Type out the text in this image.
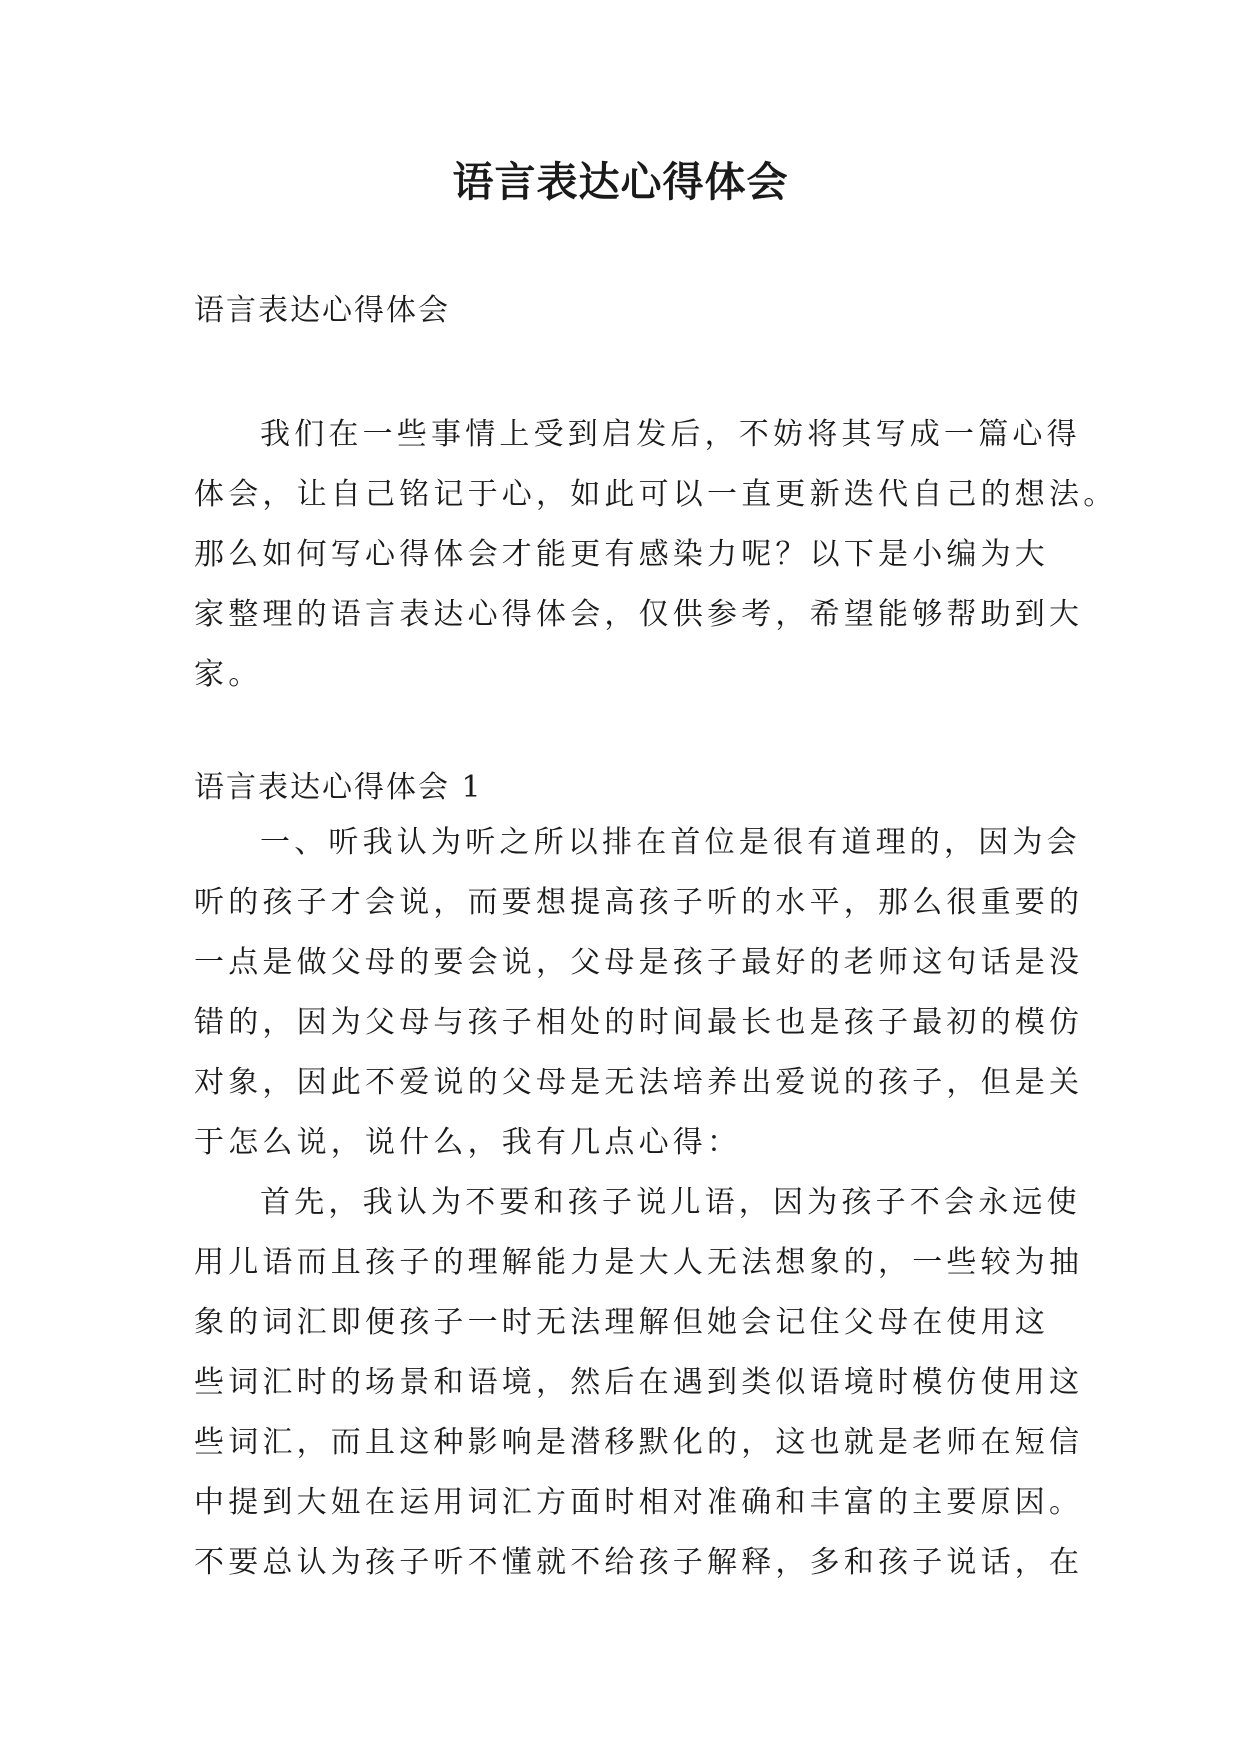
语言表达心得体会

语言表达心得体会

我们在一些事情上受到启发后，不妨将其写成一篇心得
体会，让自己铭记于心，如此可以一直更新迭代自己的想法。
那么如何写心得体会才能更有感染力呢？以下是小编为大
家整理的语言表达心得体会，仅供参考，希望能够帮助到大
家。

语言表达心得体会 1

一、听我认为听之所以排在首位是很有道理的，因为会
听的孩子才会说，而要想提高孩子听的水平，那么很重要的
一点是做父母的要会说，父母是孩子最好的老师这句话是没
错的，因为父母与孩子相处的时间最长也是孩子最初的模仿
对象，因此不爱说的父母是无法培养出爱说的孩子，但是关
于怎么说，说什么，我有几点心得：
首先，我认为不要和孩子说儿语，因为孩子不会永远使
用儿语而且孩子的理解能力是大人无法想象的，一些较为抽
象的词汇即便孩子一时无法理解但她会记住父母在使用这
些词汇时的场景和语境，然后在遇到类似语境时模仿使用这
些词汇，而且这种影响是潜移默化的，这也就是老师在短信
中提到大妞在运用词汇方面时相对准确和丰富的主要原因。
不要总认为孩子听不懂就不给孩子解释，多和孩子说话，在
